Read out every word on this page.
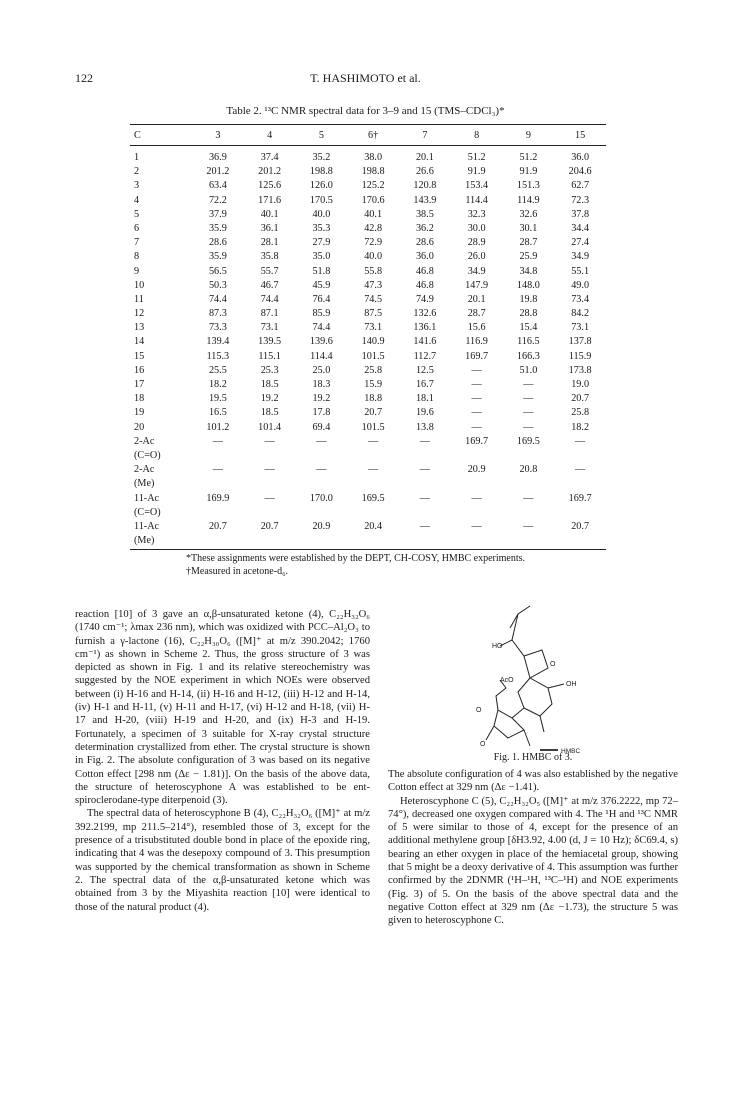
122	T. HASHIMOTO et al.
Table 2. ¹³C NMR spectral data for 3–9 and 15 (TMS–CDCl₃)*
C	3	4	5	6†	7	8	9	15
1	36.9	37.4	35.2	38.0	20.1	51.2	51.2	36.0
2	201.2	201.2	198.8	198.8	26.6	91.9	91.9	204.6
3	63.4	125.6	126.0	125.2	120.8	153.4	151.3	62.7
4	72.2	171.6	170.5	170.6	143.9	114.4	114.9	72.3
5	37.9	40.1	40.0	40.1	38.5	32.3	32.6	37.8
6	35.9	36.1	35.3	42.8	36.2	30.0	30.1	34.4
7	28.6	28.1	27.9	72.9	28.6	28.9	28.7	27.4
8	35.9	35.8	35.0	40.0	36.0	26.0	25.9	34.9
9	56.5	55.7	51.8	55.8	46.8	34.9	34.8	55.1
10	50.3	46.7	45.9	47.3	46.8	147.9	148.0	49.0
11	74.4	74.4	76.4	74.5	74.9	20.1	19.8	73.4
12	87.3	87.1	85.9	87.5	132.6	28.7	28.8	84.2
13	73.3	73.1	74.4	73.1	136.1	15.6	15.4	73.1
14	139.4	139.5	139.6	140.9	141.6	116.9	116.5	137.8
15	115.3	115.1	114.4	101.5	112.7	169.7	166.3	115.9
16	25.5	25.3	25.0	25.8	12.5	—	51.0	173.8
17	18.2	18.5	18.3	15.9	16.7	—	—	19.0
18	19.5	19.2	19.2	18.8	18.1	—	—	20.7
19	16.5	18.5	17.8	20.7	19.6	—	—	25.8
20	101.2	101.4	69.4	101.5	13.8	—	—	18.2
2-Ac	—	—	—	—	—	169.7	169.5	—
(C=O)								
2-Ac	—	—	—	—	—	20.9	20.8	—
(Me)								
11-Ac	169.9	—	170.0	169.5	—	—	—	169.7
(C=O)								
11-Ac	20.7	20.7	20.9	20.4	—	—	—	20.7
(Me)								
*These assignments were established by the DEPT, CH-COSY, HMBC experiments.
†Measured in acetone-d₆.

reaction [10] of 3 gave an α,β-unsaturated ketone (4), C₂₂H₃₂O₆ (1740 cm⁻¹; λmax 236 nm), which was oxidized with PCC–Al₂O₃ to furnish a γ-lactone (16), C₂₂H₃₀O₆ ([M]⁺ at m/z 390.2042; 1760 cm⁻¹) as shown in Scheme 2. Thus, the gross structure of 3 was depicted as shown in Fig. 1 and its relative stereochemistry was suggested by the NOE experiment in which NOEs were observed between (i) H-16 and H-14, (ii) H-16 and H-12, (iii) H-12 and H-14, (iv) H-1 and H-11, (v) H-11 and H-17, (vi) H-12 and H-18, (vii) H-17 and H-20, (viii) H-19 and H-20, and (ix) H-3 and H-19. Fortunately, a specimen of 3 suitable for X-ray crystal structure determination crystallized from ether. The crystal structure is shown in Fig. 2. The absolute configuration of 3 was based on its negative Cotton effect [298 nm (Δε − 1.81)]. On the basis of the above data, the structure of heteroscyphone A was established to be ent-spiroclerodane-type diterpenoid (3).

The spectral data of heteroscyphone B (4), C₂₂H₃₂O₆ ([M]⁺ at m/z 392.2199, mp 211.5–214°), resembled those of 3, except for the presence of a trisubstituted double bond in place of the epoxide ring, indicating that 4 was the desepoxy compound of 3. This presumption was supported by the chemical transformation as shown in Scheme 2. The spectral data of the α,β-unsaturated ketone which was obtained from 3 by the Miyashita reaction [10] were identical to those of the natural product (4).

HO
O
AcO
OH
O
O
HMBC
Fig. 1. HMBC of 3.

The absolute configuration of 4 was also established by the negative Cotton effect at 329 nm (Δε −1.41).

Heteroscyphone C (5), C₂₂H₃₂O₅ ([M]⁺ at m/z 376.2222, mp 72–74°), decreased one oxygen compared with 4. The ¹H and ¹³C NMR of 5 were similar to those of 4, except for the presence of an additional methylene group [δH3.92, 4.00 (d, J = 10 Hz); δC69.4, s) bearing an ether oxygen in place of the hemiacetal group, showing that 5 might be a deoxy derivative of 4. This assumption was further confirmed by the 2DNMR (¹H–¹H, ¹³C–¹H) and NOE experiments (Fig. 3) of 5. On the basis of the above spectral data and the negative Cotton effect at 329 nm (Δε −1.73), the structure 5 was given to heteroscyphone C.
